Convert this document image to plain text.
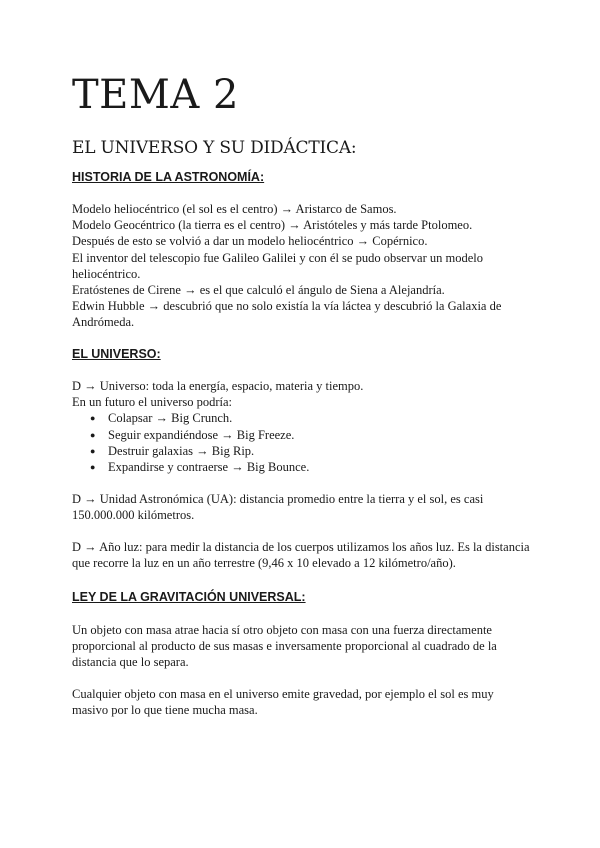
TEMA 2
EL UNIVERSO Y SU DIDÁCTICA:
HISTORIA DE LA ASTRONOMÍA:

Modelo heliocéntrico (el sol es el centro) → Aristarco de Samos.

Modelo Geocéntrico (la tierra es el centro) → Aristóteles y más tarde Ptolomeo.

Después de esto se volvió a dar un modelo heliocéntrico → Copérnico.

El inventor del telescopio fue Galileo Galilei y con él se pudo observar un modelo heliocéntrico.

Eratóstenes de Cirene → es el que calculó el ángulo de Siena a Alejandría.

Edwin Hubble → descubrió que no solo existía la vía láctea y descubrió la Galaxia de Andrómeda.

EL UNIVERSO:

D → Universo: toda la energía, espacio, materia y tiempo.

En un futuro el universo podría:

● Colapsar → Big Crunch.
● Seguir expandiéndose → Big Freeze.
● Destruir galaxias → Big Rip.
● Expandirse y contraerse → Big Bounce.
D → Unidad Astronómica (UA): distancia promedio entre la tierra y el sol, es casi 150.000.000 kilómetros.
D → Año luz: para medir la distancia de los cuerpos utilizamos los años luz. Es la distancia que recorre la luz en un año terrestre (9,46 x 10 elevado a 12 kilómetro/año).
LEY DE LA GRAVITACIÓN UNIVERSAL:
Un objeto con masa atrae hacia sí otro objeto con masa con una fuerza directamente proporcional al producto de sus masas e inversamente proporcional al cuadrado de la distancia que lo separa.
Cualquier objeto con masa en el universo emite gravedad, por ejemplo el sol es muy masivo por lo que tiene mucha masa.
